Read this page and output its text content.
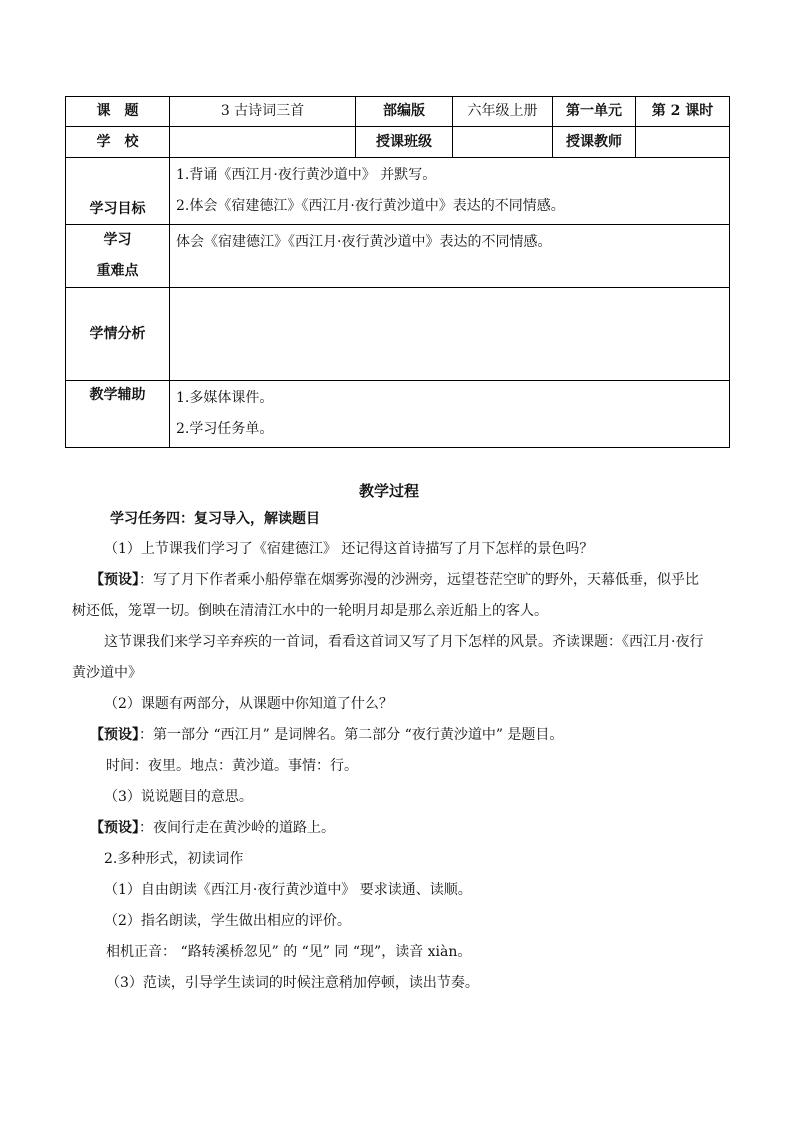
课　题	3 古诗词三首	部编版	六年级上册	第一单元	第 2 课时
学　校		授课班级		授课教师	
学习目标	1.背诵《西江月·夜行黄沙道中》 并默写。
2.体会《宿建德江》《西江月·夜行黄沙道中》表达的不同情感。				

学习
重难点	体会《宿建德江》《西江月·夜行黄沙道中》表达的不同情感。				

学情分析					
教学辅助	1.多媒体课件。
2.学习任务单。				

教学过程

学习任务四：复习导入，解读题目

（1）上节课我们学习了《宿建德江》 还记得这首诗描写了月下怎样的景色吗？

【预设】：写了月下作者乘小船停靠在烟雾弥漫的沙洲旁，远望苍茫空旷的野外，天幕低垂，似乎比

树还低，笼罩一切。倒映在清清江水中的一轮明月却是那么亲近船上的客人。

这节课我们来学习辛弃疾的一首词，看看这首词又写了月下怎样的风景。齐读课题：《西江月·夜行

黄沙道中》

（2）课题有两部分，从课题中你知道了什么？

【预设】：第一部分 “西江月” 是词牌名。第二部分 “夜行黄沙道中” 是题目。

时间：夜里。地点：黄沙道。事情：行。

（3）说说题目的意思。

【预设】：夜间行走在黄沙岭的道路上。

2.多种形式，初读词作

（1）自由朗读《西江月·夜行黄沙道中》 要求读通、读顺。

（2）指名朗读，学生做出相应的评价。

相机正音： “路转溪桥忽见” 的 “见” 同 “现”，读音 xiàn。

（3）范读，引导学生读词的时候注意稍加停顿，读出节奏。
